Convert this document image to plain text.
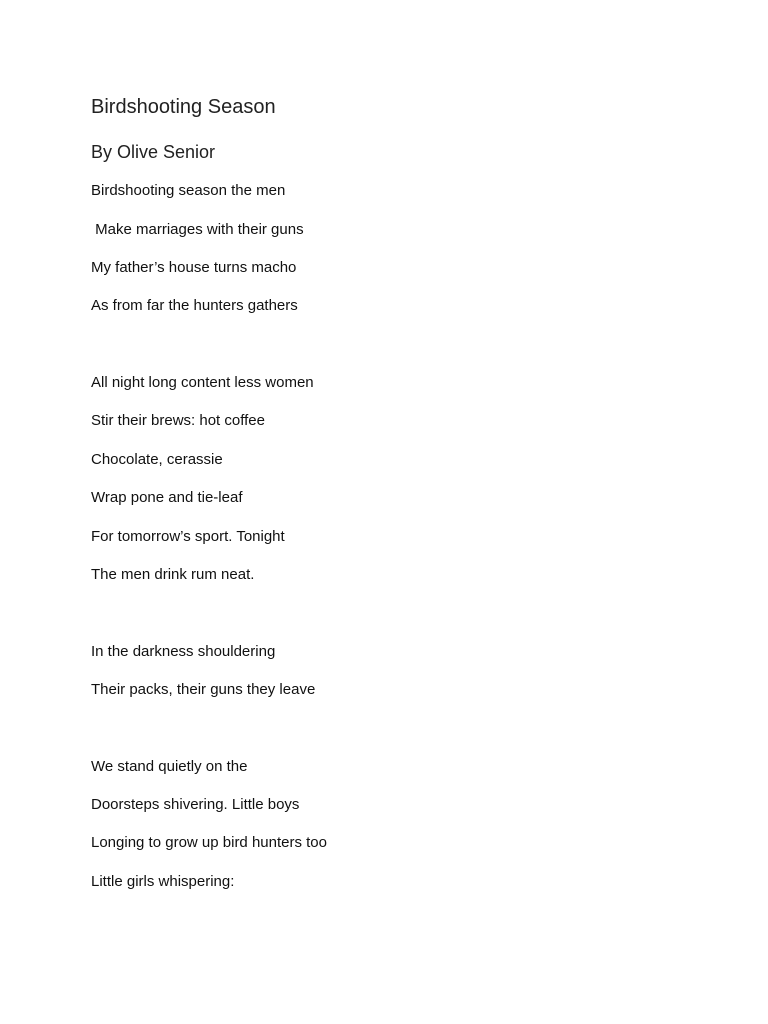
Birdshooting Season
By Olive Senior
Birdshooting season the men
Make marriages with their guns
My father’s house turns macho
As from far the hunters gathers
All night long content less women
Stir their brews: hot coffee
Chocolate, cerassie
Wrap pone and tie-leaf
For tomorrow’s sport. Tonight
The men drink rum neat.
In the darkness shouldering
Their packs, their guns they leave
We stand quietly on the
Doorsteps shivering. Little boys
Longing to grow up bird hunters too
Little girls whispering:
